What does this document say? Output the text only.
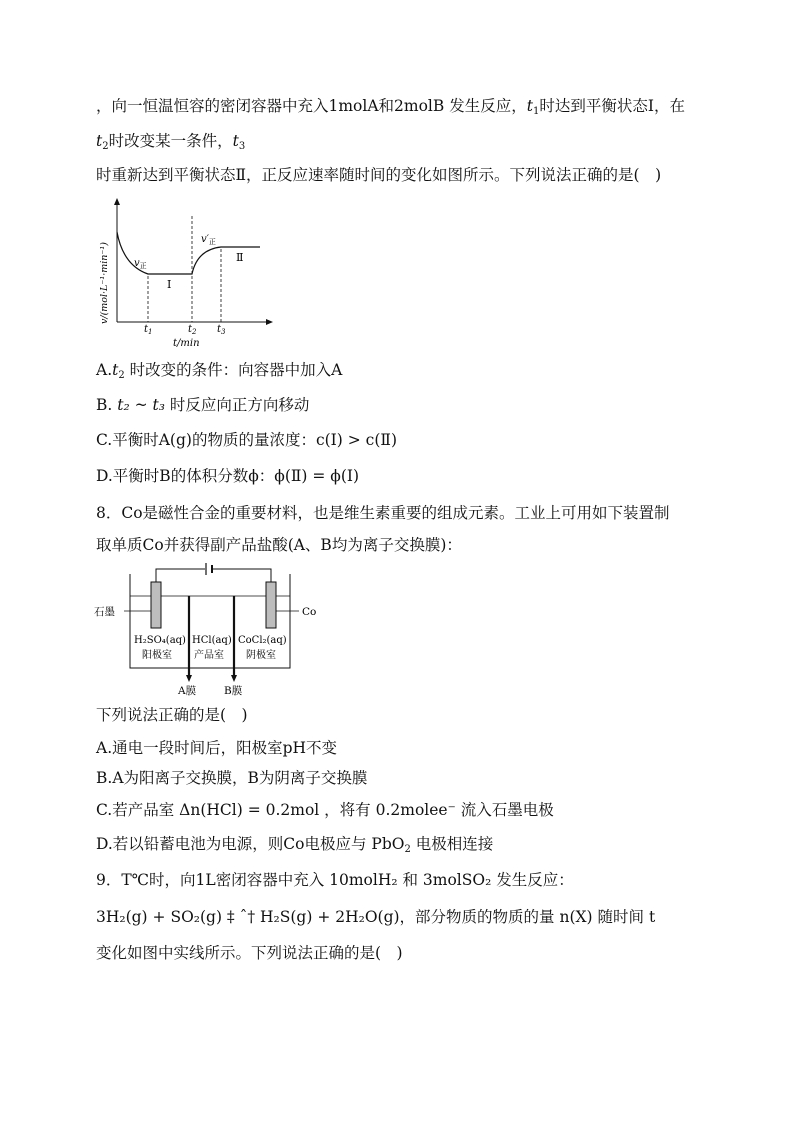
，向一恒温恒容的密闭容器中充入1molA和2molB 发生反应，$t_1$时达到平衡状态Ⅰ，在
$t_2$时改变某一条件，$t_3$
时重新达到平衡状态Ⅱ，正反应速率随时间的变化如图所示。下列说法正确的是(　)
v/(mol·L⁻¹·min⁻¹)
$t_1$	$t_2$ $t_3$
t/min
$v_正$
$v'_正$
Ⅰ
Ⅱ
$A.t_2$ 时改变的条件：向容器中加入A
B. t₂ ~ t₃ 时反应向正方向移动
C.平衡时A(g)的物质的量浓度：c(Ⅰ) > c(Ⅱ)
D.平衡时B的体积分数ϕ：ϕ(Ⅱ) = ϕ(Ⅰ)
8．Co是磁性合金的重要材料，也是维生素重要的组成元素。工业上可用如下装置制
取单质Co并获得副产品盐酸(A、B均为离子交换膜)：
石墨	Co
H₂SO₄(aq)
阳极室
HCl(aq)
产品室
CoCl₂(aq)
阴极室
A膜	B膜
下列说法正确的是(　)
A.通电一段时间后，阳极室pH不变
B.A为阳离子交换膜，B为阴离子交换膜
C.若产品室 Δn(HCl) = 0.2mol ，将有 0.2molee⁻ 流入石墨电极
D.若以铅蓄电池为电源，则Co电极应与 PbO$_2$ 电极相连接
9．T℃时，向1L密闭容器中充入 10molH₂ 和 3molSO₂ 发生反应：
3H₂(g) + SO₂(g) ‡ ˆ† H₂S(g) + 2H₂O(g)，部分物质的物质的量 n(X) 随时间 t
变化如图中实线所示。下列说法正确的是(　)
